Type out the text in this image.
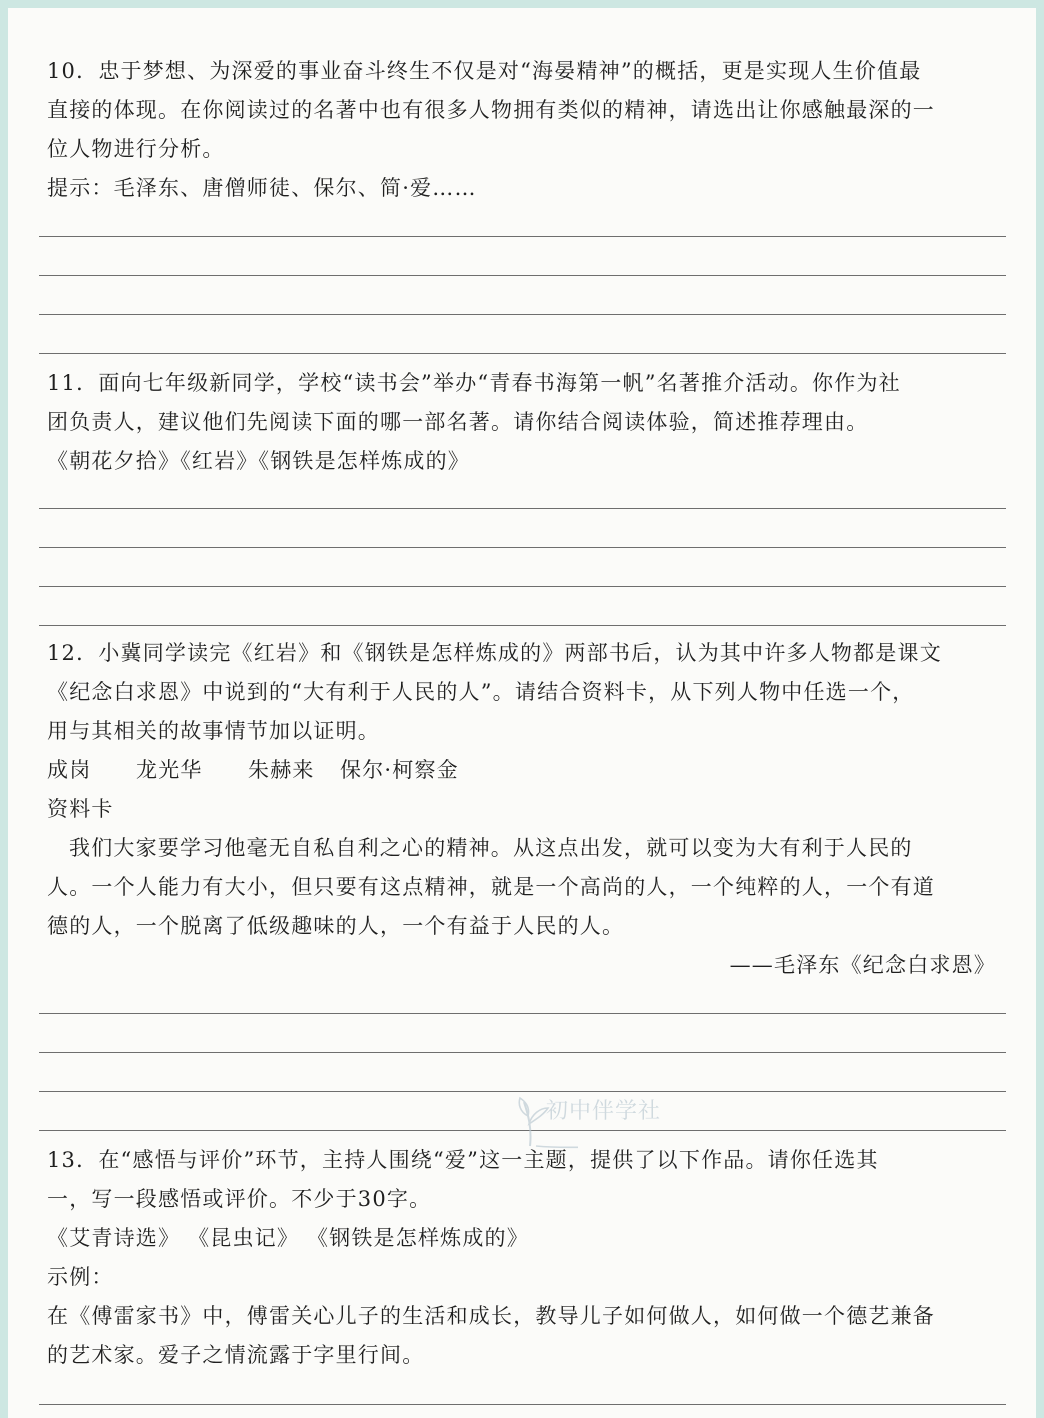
10．忠于梦想、为深爱的事业奋斗终生不仅是对“海晏精神”的概括，更是实现人生价值最
直接的体现。在你阅读过的名著中也有很多人物拥有类似的精神，请选出让你感触最深的一
位人物进行分析。
提示：毛泽东、唐僧师徒、保尔、简·爱……
11．面向七年级新同学，学校“读书会”举办“青春书海第一帆”名著推介活动。你作为社
团负责人，建议他们先阅读下面的哪一部名著。请你结合阅读体验，简述推荐理由。
《朝花夕拾》《红岩》《钢铁是怎样炼成的》
12．小冀同学读完《红岩》和《钢铁是怎样炼成的》两部书后，认为其中许多人物都是课文
《纪念白求恩》中说到的“大有利于人民的人”。请结合资料卡，从下列人物中任选一个，
用与其相关的故事情节加以证明。
成岗 龙光华 朱赫来 保尔·柯察金
资料卡
我们大家要学习他毫无自私自利之心的精神。从这点出发，就可以变为大有利于人民的
人。一个人能力有大小，但只要有这点精神，就是一个高尚的人，一个纯粹的人，一个有道
德的人，一个脱离了低级趣味的人，一个有益于人民的人。
——毛泽东《纪念白求恩》
初中伴学社
13．在“感悟与评价”环节，主持人围绕“爱”这一主题，提供了以下作品。请你任选其
一，写一段感悟或评价。不少于30字。
《艾青诗选》 《昆虫记》 《钢铁是怎样炼成的》
示例：
在《傅雷家书》中，傅雷关心儿子的生活和成长，教导儿子如何做人，如何做一个德艺兼备
的艺术家。爱子之情流露于字里行间。
